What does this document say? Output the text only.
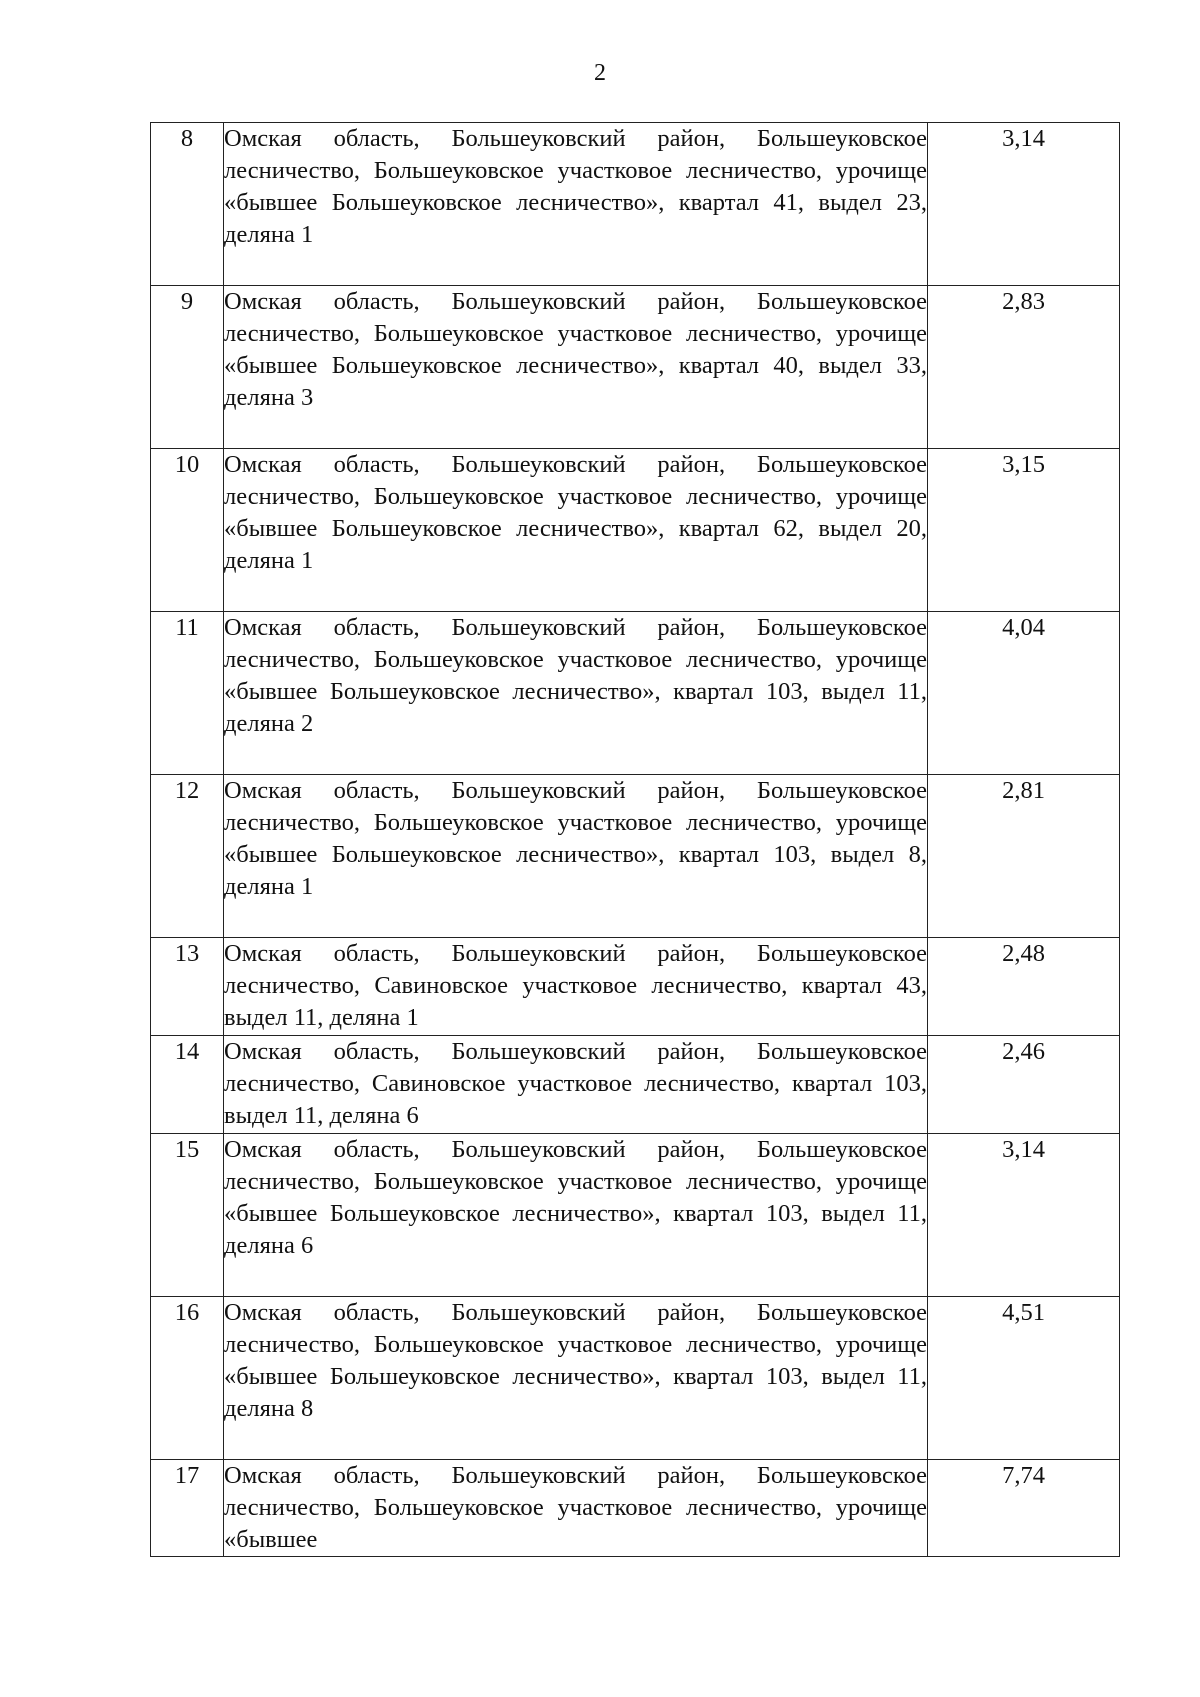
2
8	Омская область, Большеуковский район, Большеуковское лесничество, Большеуковское участковое лесничество, урочище «бывшее Большеуковское лесничество», квартал 41, выдел 23, деляна 1	3,14
9	Омская область, Большеуковский район, Большеуковское лесничество, Большеуковское участковое лесничество, урочище «бывшее Большеуковское лесничество», квартал 40, выдел 33, деляна 3	2,83
10	Омская область, Большеуковский район, Большеуковское лесничество, Большеуковское участковое лесничество, урочище «бывшее Большеуковское лесничество», квартал 62, выдел 20, деляна 1	3,15
11	Омская область, Большеуковский район, Большеуковское лесничество, Большеуковское участковое лесничество, урочище «бывшее Большеуковское лесничество», квартал 103, выдел 11, деляна 2	4,04
12	Омская область, Большеуковский район, Большеуковское лесничество, Большеуковское участковое лесничество, урочище «бывшее Большеуковское лесничество», квартал 103, выдел 8, деляна 1	2,81
13	Омская область, Большеуковский район, Большеуковское лесничество, Савиновское участковое лесничество, квартал 43, выдел 11, деляна 1	2,48
14	Омская область, Большеуковский район, Большеуковское лесничество, Савиновское участковое лесничество, квартал 103, выдел 11, деляна 6	2,46
15	Омская область, Большеуковский район, Большеуковское лесничество, Большеуковское участковое лесничество, урочище «бывшее Большеуковское лесничество», квартал 103, выдел 11, деляна 6	3,14
16	Омская область, Большеуковский район, Большеуковское лесничество, Большеуковское участковое лесничество, урочище «бывшее Большеуковское лесничество», квартал 103, выдел 11, деляна 8	4,51
17	Омская область, Большеуковский район, Большеуковское лесничество, Большеуковское участковое лесничество, урочище «бывшее	7,74
